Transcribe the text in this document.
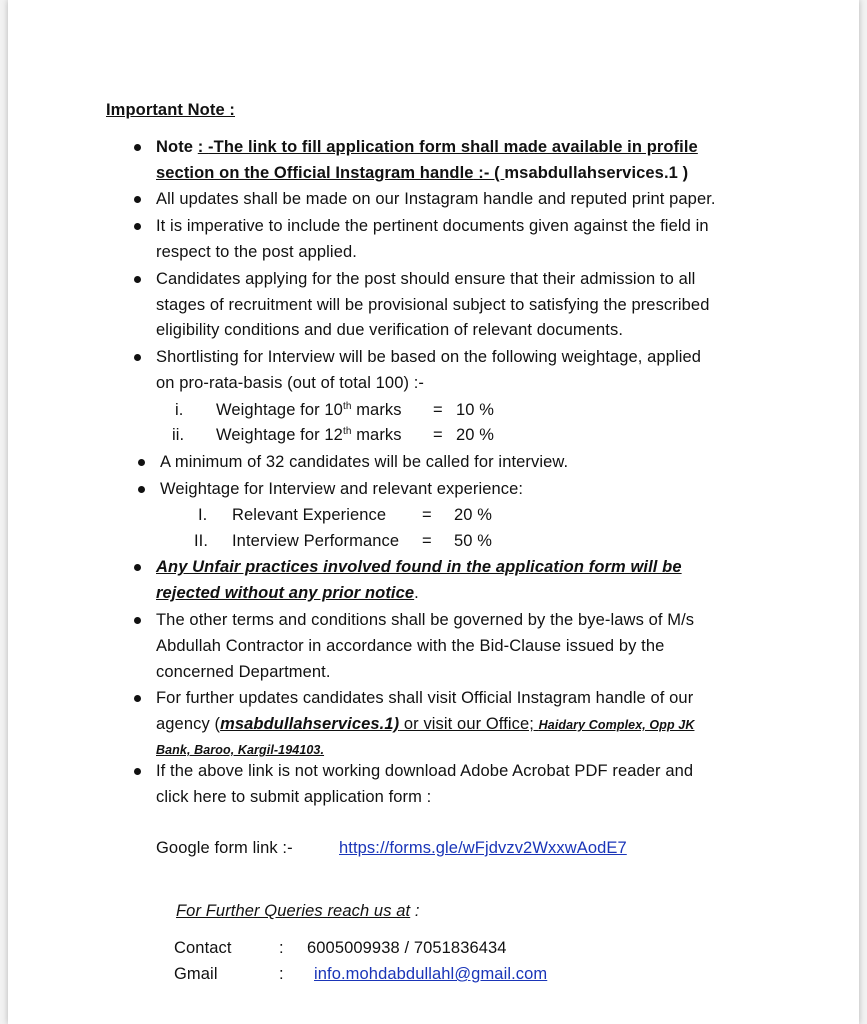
Important Note :
Note : -The link to fill application form shall made available in profile
section on the Official Instagram handle :- ( msabdullahservices.1 )
All updates shall be made on our Instagram handle and reputed print paper.
It is imperative to include the pertinent documents given against the field in
respect to the post applied.
Candidates applying for the post should ensure that their admission to all
stages of recruitment will be provisional subject to satisfying the prescribed
eligibility conditions and due verification of relevant documents.
Shortlisting for Interview will be based on the following weightage, applied
on pro-rata-basis (out of total 100) :-
i. Weightage for 10th marks = 10 %
ii. Weightage for 12th marks = 20 %
A minimum of 32 candidates will be called for interview.
Weightage for Interview and relevant experience:
I. Relevant Experience = 20 %
II. Interview Performance = 50 %
Any Unfair practices involved found in the application form will be
rejected without any prior notice.
The other terms and conditions shall be governed by the bye-laws of M/s
Abdullah Contractor in accordance with the Bid-Clause issued by the
concerned Department.
For further updates candidates shall visit Official Instagram handle of our
agency (msabdullahservices.1) or visit our Office; Haidary Complex, Opp JK
Bank, Baroo, Kargil-194103.
If the above link is not working download Adobe Acrobat PDF reader and
click here to submit application form :
Google form link :-	https://forms.gle/wFjdvzv2WxxwAodE7
For Further Queries reach us at :
Contact	: 6005009938 / 7051836434
Gmail	: info.mohdabdullahl@gmail.com
